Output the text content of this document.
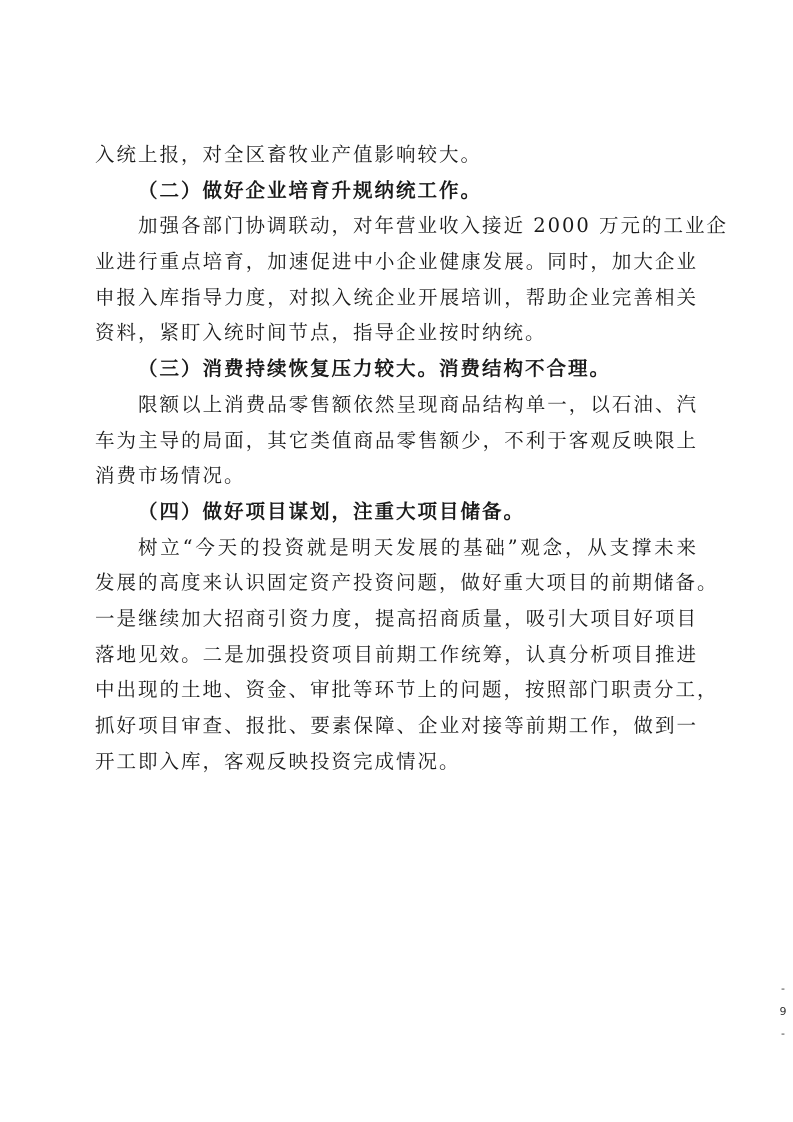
入统上报，对全区畜牧业产值影响较大。
（二）做好企业培育升规纳统工作。
加强各部门协调联动，对年营业收入接近 2000 万元的工业企
业进行重点培育，加速促进中小企业健康发展。同时，加大企业
申报入库指导力度，对拟入统企业开展培训，帮助企业完善相关
资料，紧盯入统时间节点，指导企业按时纳统。
（三）消费持续恢复压力较大。消费结构不合理。
限额以上消费品零售额依然呈现商品结构单一，以石油、汽
车为主导的局面，其它类值商品零售额少，不利于客观反映限上
消费市场情况。
（四）做好项目谋划，注重大项目储备。
树立“今天的投资就是明天发展的基础”观念，从支撑未来
发展的高度来认识固定资产投资问题，做好重大项目的前期储备。
一是继续加大招商引资力度，提高招商质量，吸引大项目好项目
落地见效。二是加强投资项目前期工作统筹，认真分析项目推进
中出现的土地、资金、审批等环节上的问题，按照部门职责分工，
抓好项目审查、报批、要素保障、企业对接等前期工作，做到一
开工即入库，客观反映投资完成情况。
-
9
-
